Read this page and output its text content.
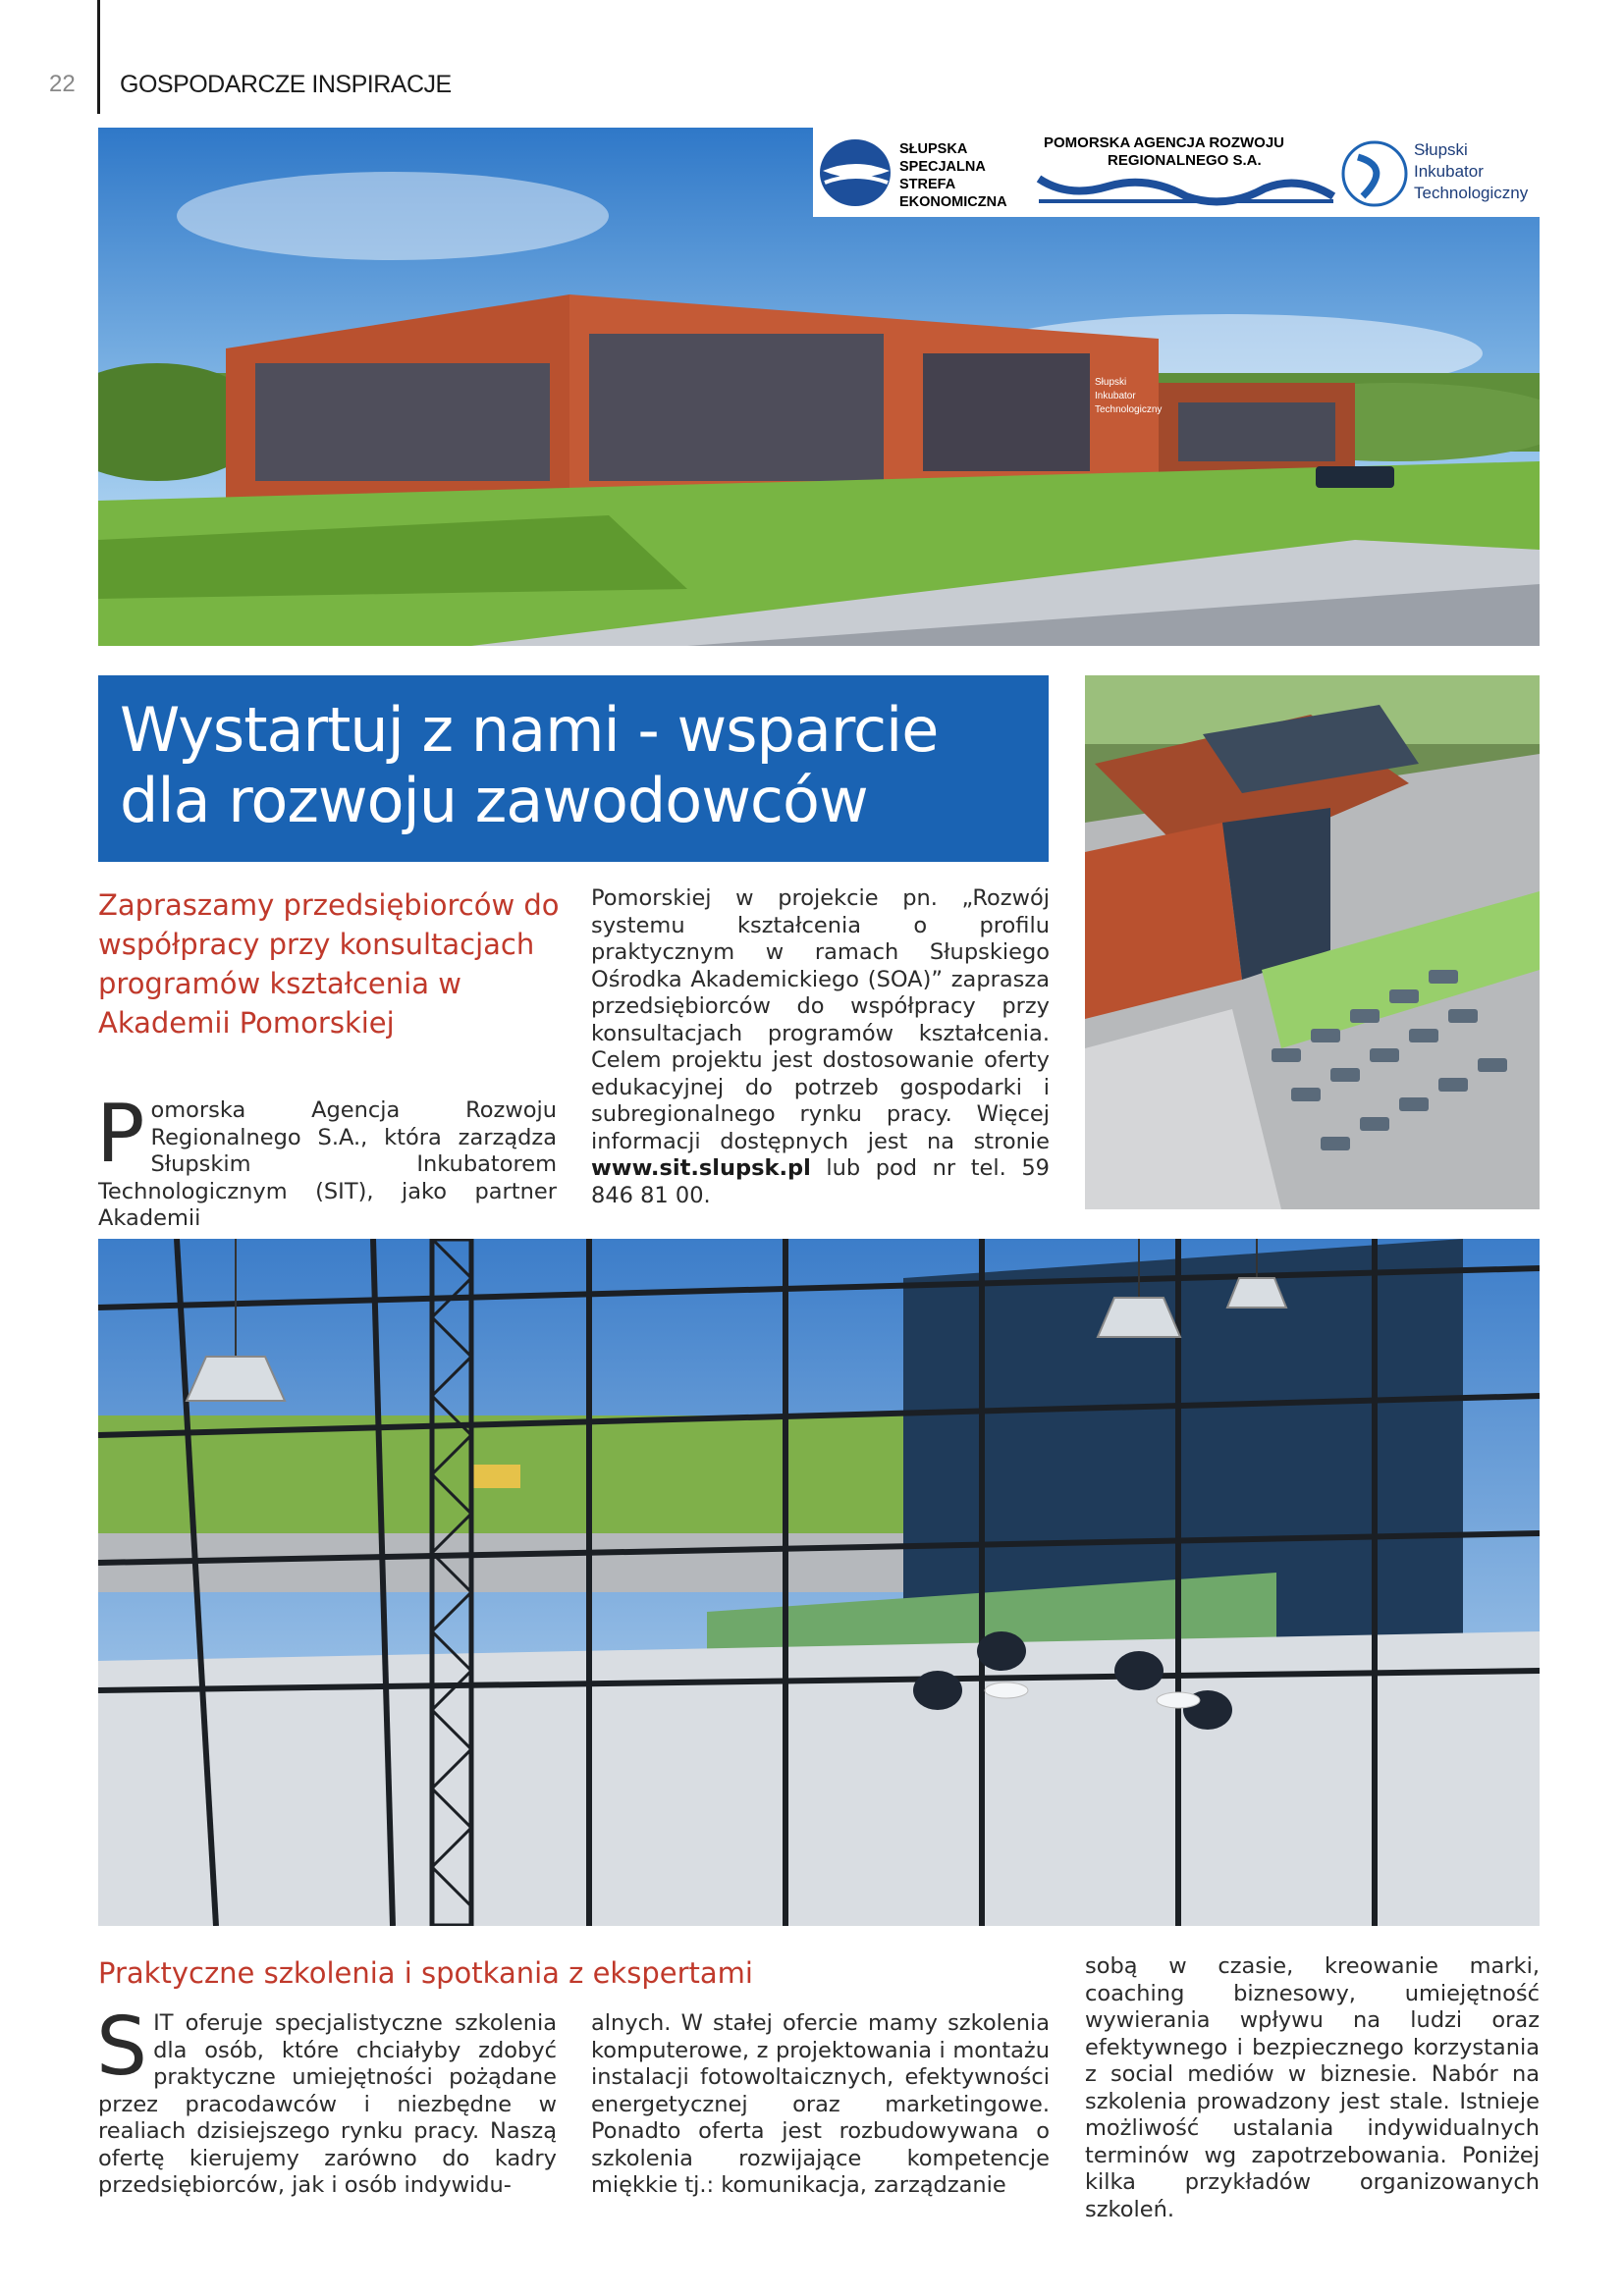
22 GOSPODARCZE INSPIRACJE
Słupski
Inkubator
Technologiczny
SŁUPSKA
SPECJALNA
STREFA
EKONOMICZNA
POMORSKA AGENCJA ROZWOJU
REGIONALNEGO S.A.
Słupski
Inkubator
Technologiczny
Wystartuj z nami - wsparcie
dla rozwoju zawodowców
Zapraszamy przedsiębiorców do współpracy przy konsultacjach programów kształcenia w Akademii Pomorskiej
Pomorska Agencja Rozwoju Regionalnego S.A., która zarządza Słupskim Inkubatorem Technologicznym (SIT), jako partner Akademii
Pomorskiej w projekcie pn. „Rozwój systemu kształcenia o profilu praktycznym w ramach Słupskiego Ośrodka Akademickiego (SOA)” zaprasza przedsiębiorców do współpracy przy konsultacjach programów kształcenia. Celem projektu jest dostosowanie oferty edukacyjnej do potrzeb gospodarki i subregionalnego rynku pracy. Więcej informacji dostępnych jest na stronie www.sit.slupsk.pl lub pod nr tel. 59 846 81 00.
Praktyczne szkolenia i spotkania z ekspertami
SIT oferuje specjalistyczne szkolenia dla osób, które chciałyby zdobyć praktyczne umiejętności pożądane przez pracodawców i niezbędne w realiach dzisiejszego rynku pracy. Naszą ofertę kierujemy zarówno do kadry przedsiębiorców, jak i osób indywidu-
alnych. W stałej ofercie mamy szkolenia komputerowe, z projektowania i montażu instalacji fotowoltaicznych, efektywności energetycznej oraz marketingowe. Ponadto oferta jest rozbudowywana o szkolenia rozwijające kompetencje miękkie tj.: komunikacja, zarządzanie
sobą w czasie, kreowanie marki, coaching biznesowy, umiejętność wywierania wpływu na ludzi oraz efektywnego i bezpiecznego korzystania z social mediów w biznesie. Nabór na szkolenia prowadzony jest stale. Istnieje możliwość ustalania indywidualnych terminów wg zapotrzebowania. Poniżej kilka przykładów organizowanych szkoleń.
